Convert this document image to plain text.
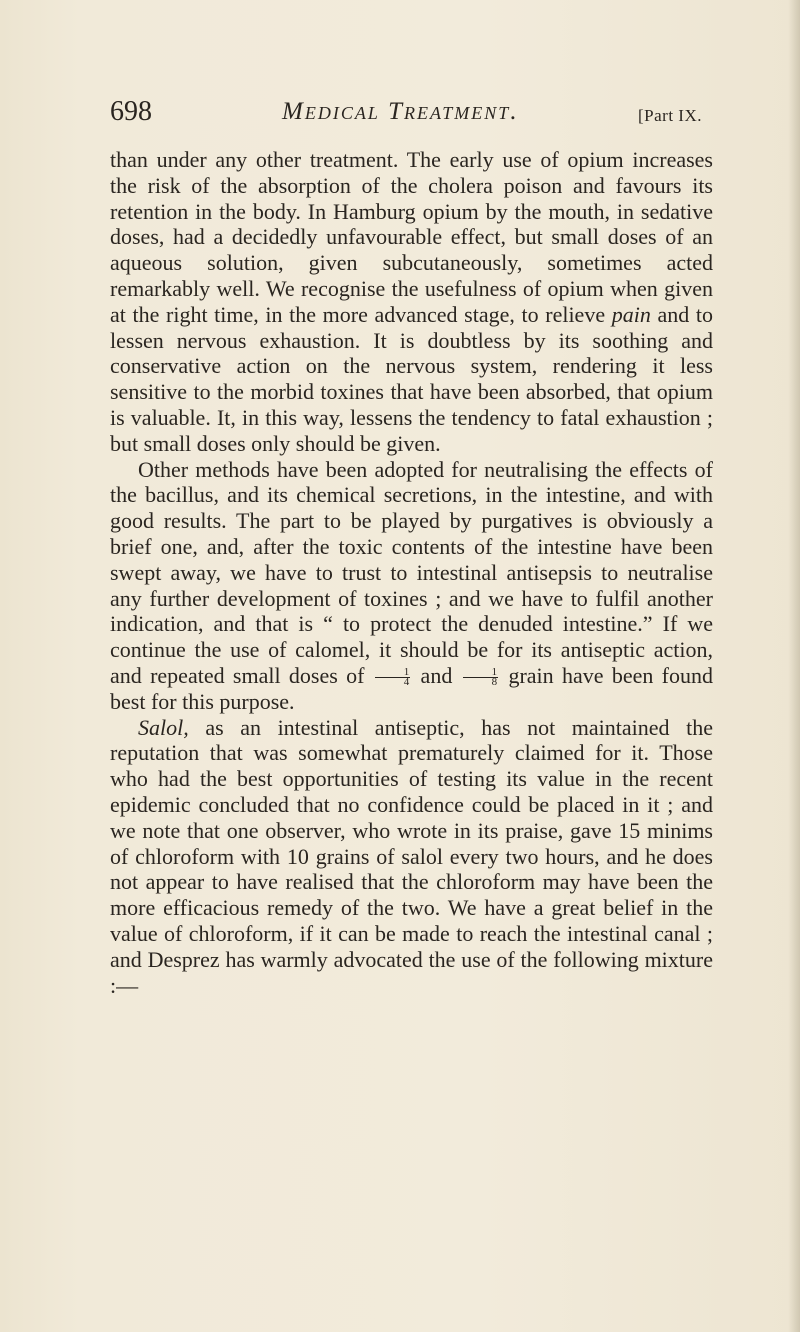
698	Medical Treatment.	[Part IX.

than under any other treatment. The early use of opium increases the risk of the absorption of the cholera poison and favours its retention in the body. In Hamburg opium by the mouth, in sedative doses, had a decidedly unfavourable effect, but small doses of an aqueous solution, given subcutaneously, sometimes acted remarkably well. We recognise the usefulness of opium when given at the right time, in the more advanced stage, to relieve pain and to lessen nervous exhaustion. It is doubtless by its soothing and conservative action on the nervous system, rendering it less sensitive to the morbid toxines that have been absorbed, that opium is valuable. It, in this way, lessens the tendency to fatal exhaustion ; but small doses only should be given.

Other methods have been adopted for neutralising the effects of the bacillus, and its chemical secretions, in the intestine, and with good results. The part to be played by purgatives is obviously a brief one, and, after the toxic contents of the intestine have been swept away, we have to trust to intestinal antisepsis to neutralise any further development of toxines ; and we have to fulfil another indication, and that is “ to protect the denuded intestine.” If we continue the use of calomel, it should be for its antiseptic action, and repeated small doses of $\frac{1}{4}$ and $\frac{1}{8}$ grain have been found best for this purpose.

Salol, as an intestinal antiseptic, has not maintained the reputation that was somewhat prematurely claimed for it. Those who had the best opportunities of testing its value in the recent epidemic concluded that no confidence could be placed in it ; and we note that one observer, who wrote in its praise, gave 15 minims of chloroform with 10 grains of salol every two hours, and he does not appear to have realised that the chloroform may have been the more efficacious remedy of the two. We have a great belief in the value of chloroform, if it can be made to reach the intestinal canal ; and Desprez has warmly advocated the use of the following mixture :—
